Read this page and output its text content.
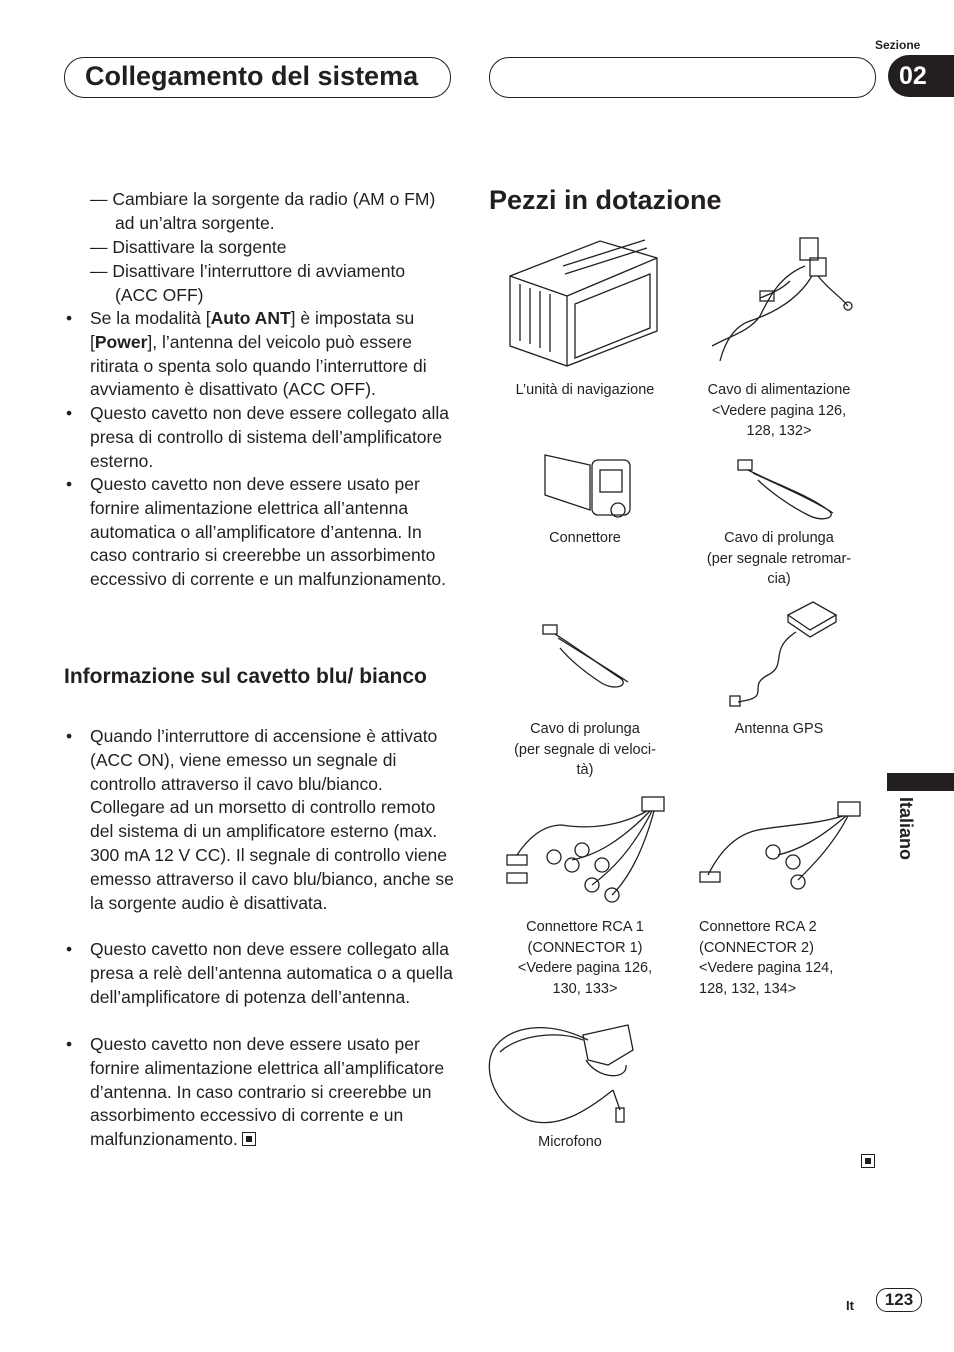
Collegamento del sistema
Sezione
02
— Cambiare la sorgente da radio (AM o FM) ad un’altra sorgente.
— Disattivare la sorgente
— Disattivare l’interruttore di avviamento (ACC OFF)
• Se la modalità [Auto ANT] è impostata su [Power], l’antenna del veicolo può essere ritirata o spenta solo quando l’interruttore di avviamento è disattivato (ACC OFF).
• Questo cavetto non deve essere collegato alla presa di controllo di sistema dell’amplificatore esterno.
• Questo cavetto non deve essere usato per fornire alimentazione elettrica all’antenna automatica o all’amplificatore d’antenna. In caso contrario si creerebbe un assorbimento eccessivo di corrente e un malfunzionamento.
Informazione sul cavetto blu/ bianco
• Quando l’interruttore di accensione è attivato (ACC ON), viene emesso un segnale di controllo attraverso il cavo blu/bianco. Collegare ad un morsetto di controllo remoto del sistema di un amplificatore esterno (max. 300 mA 12 V CC). Il segnale di controllo viene emesso attraverso il cavo blu/bianco, anche se la sorgente audio è disattivata.
• Questo cavetto non deve essere collegato alla presa a relè dell’antenna automatica o a quella dell’amplificatore di potenza dell’antenna.
• Questo cavetto non deve essere usato per fornire alimentazione elettrica all’amplificatore d’antenna. In caso contrario si creerebbe un assorbimento eccessivo di corrente e un malfunzionamento.
Pezzi in dotazione
L’unità di navigazione	Cavo di alimentazione
<Vedere pagina 126,
128, 132>
Connettore	Cavo di prolunga
(per segnale retromar-
cia)
Cavo di prolunga
(per segnale di veloci-
tà)
Antenna GPS
Connettore RCA 1
(CONNECTOR 1)
<Vedere pagina 126,
130, 133>
Connettore RCA 2
(CONNECTOR 2)
<Vedere pagina 124,
128, 132, 134>
Microfono
Italiano
It	123
